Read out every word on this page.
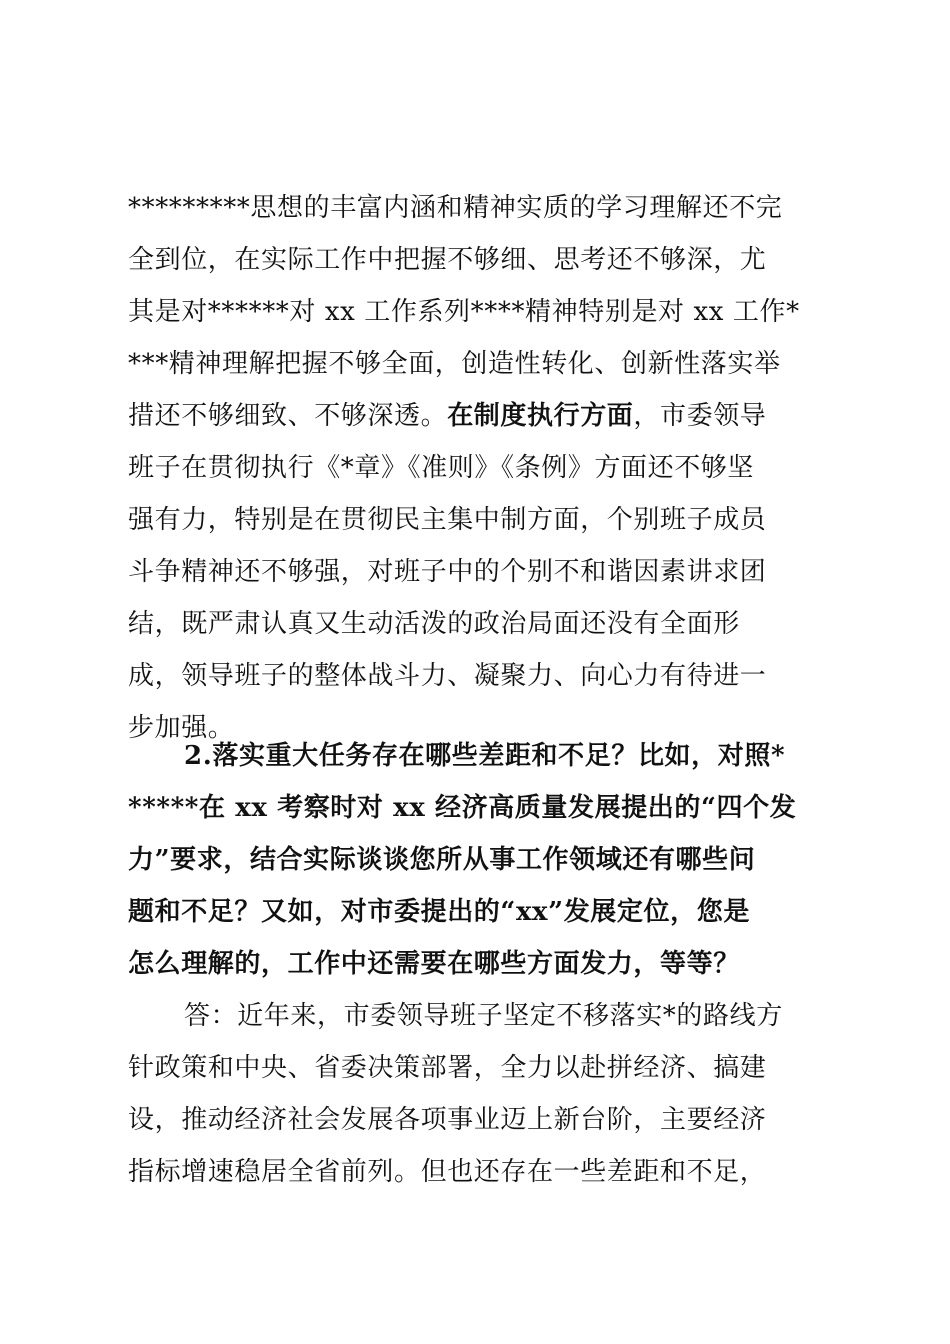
*********思想的丰富内涵和精神实质的学习理解还不完
全到位，在实际工作中把握不够细、思考还不够深，尤
其是对******对 xx 工作系列****精神特别是对 xx 工作*
***精神理解把握不够全面，创造性转化、创新性落实举
措还不够细致、不够深透。在制度执行方面，市委领导
班子在贯彻执行《*章》《准则》《条例》方面还不够坚
强有力，特别是在贯彻民主集中制方面，个别班子成员
斗争精神还不够强，对班子中的个别不和谐因素讲求团
结，既严肃认真又生动活泼的政治局面还没有全面形
成，领导班子的整体战斗力、凝聚力、向心力有待进一
步加强。
2.落实重大任务存在哪些差距和不足？比如，对照*
*****在 xx 考察时对 xx 经济高质量发展提出的“四个发
力”要求，结合实际谈谈您所从事工作领域还有哪些问
题和不足？又如，对市委提出的“xx”发展定位，您是
怎么理解的，工作中还需要在哪些方面发力，等等？
答：近年来，市委领导班子坚定不移落实*的路线方
针政策和中央、省委决策部署，全力以赴拼经济、搞建
设，推动经济社会发展各项事业迈上新台阶，主要经济
指标增速稳居全省前列。但也还存在一些差距和不足，
